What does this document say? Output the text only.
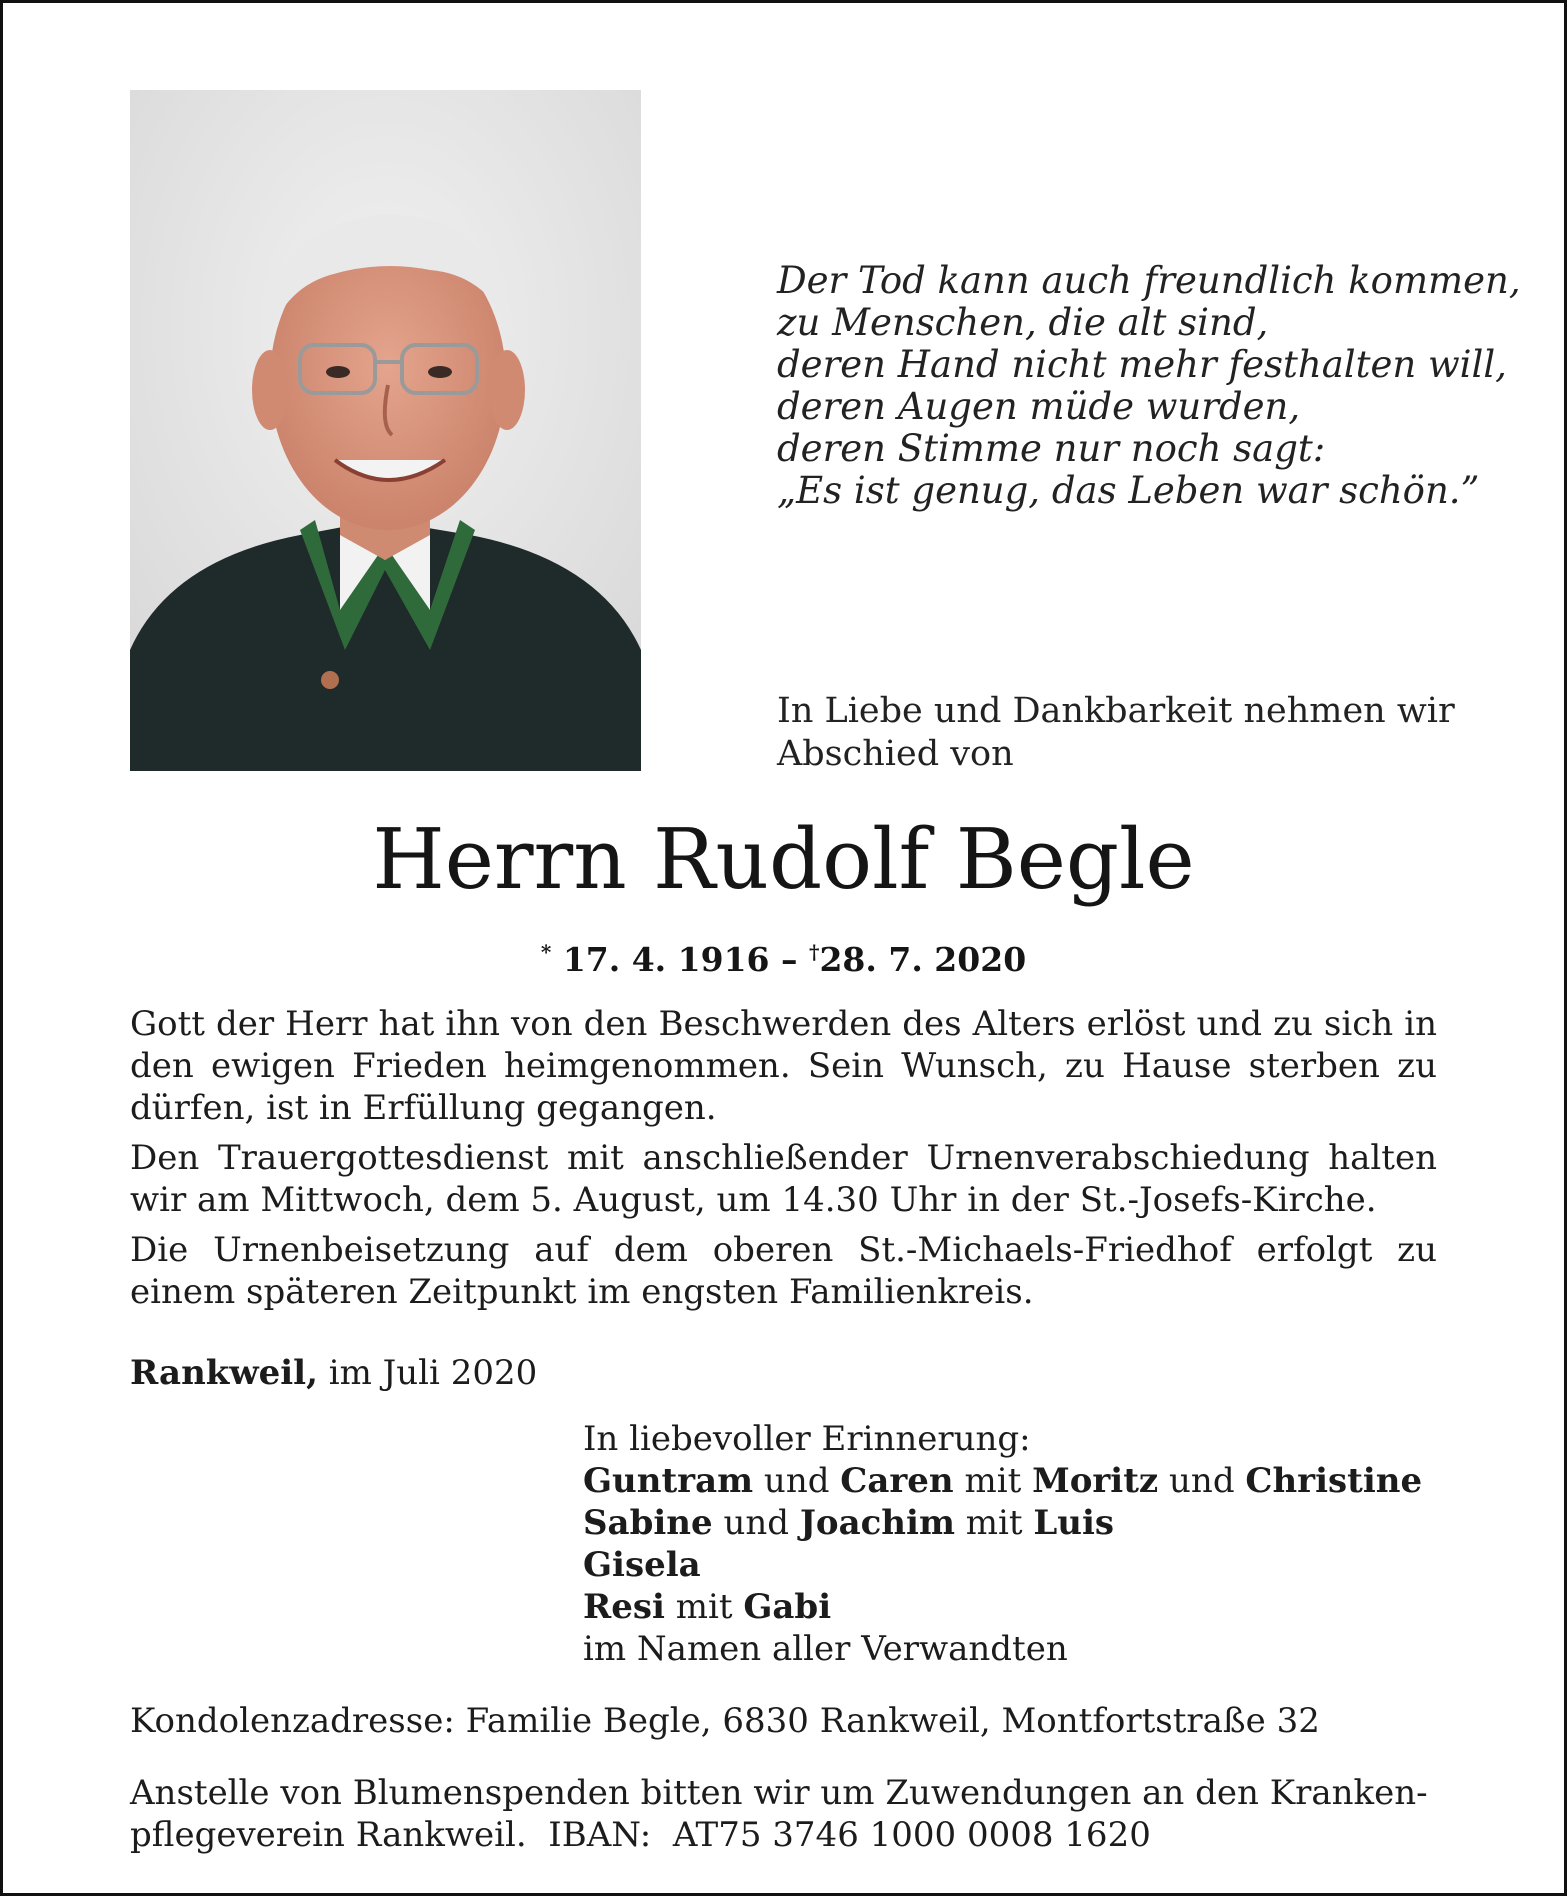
Der Tod kann auch freundlich kommen,
zu Menschen, die alt sind,
deren Hand nicht mehr festhalten will,
deren Augen müde wurden,
deren Stimme nur noch sagt:
„Es ist genug, das Leben war schön.”
In Liebe und Dankbarkeit nehmen wir
Abschied von
Herrn Rudolf Begle
* 17. 4. 1916 – †28. 7. 2020

Gott der Herr hat ihn von den Beschwerden des Alters erlöst und zu sich in den ewigen Frieden heimgenommen. Sein Wunsch, zu Hause sterben zu dürfen, ist in Erfüllung gegangen.

Den Trauergottesdienst mit anschließender Urnenverabschiedung halten wir am Mittwoch, dem 5. August, um 14.30 Uhr in der St.-Josefs-Kirche.

Die Urnenbeisetzung auf dem oberen St.-Michaels-Friedhof erfolgt zu einem späteren Zeitpunkt im engsten Familienkreis.

Rankweil, im Juli 2020
In liebevoller Erinnerung:
Guntram und Caren mit Moritz und Christine
Sabine und Joachim mit Luis
Gisela
Resi mit Gabi
im Namen aller Verwandten
Kondolenzadresse: Familie Begle, 6830 Rankweil, Montfortstraße 32
Anstelle von Blumenspenden bitten wir um Zuwendungen an den Kranken-
pflegeverein Rankweil.  IBAN:  AT75 3746 1000 0008 1620
